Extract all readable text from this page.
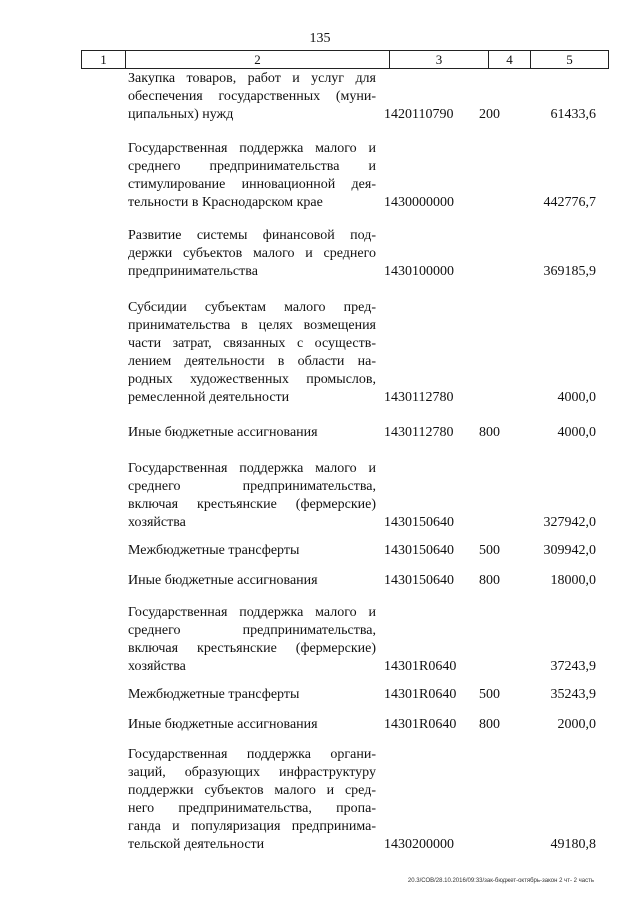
135
1	2	3	4	5
Закупка товаров, работ и услуг для
обеспечения государственных (муни-
ципальных) нужд	1420110790 200	61433,6
Государственная поддержка малого и
среднего предпринимательства и
стимулирование инновационной дея-
тельности в Краснодарском крае	1430000000	442776,7
Развитие системы финансовой под-
держки субъектов малого и среднего
предпринимательства	1430100000	369185,9
Субсидии субъектам малого пред-
принимательства в целях возмещения
части затрат, связанных с осуществ-
лением деятельности в области на-
родных художественных промыслов,
ремесленной деятельности	1430112780	4000,0
Иные бюджетные ассигнования	1430112780 800	4000,0
Государственная поддержка малого и
среднего предпринимательства,
включая крестьянские (фермерские)
хозяйства	1430150640	327942,0
Межбюджетные трансферты	1430150640 500	309942,0
Иные бюджетные ассигнования	1430150640 800	18000,0
Государственная поддержка малого и
среднего предпринимательства,
включая крестьянские (фермерские)
хозяйства	14301R0640	37243,9
Межбюджетные трансферты	14301R0640 500	35243,9
Иные бюджетные ассигнования	14301R0640 800	2000,0
Государственная поддержка органи-
заций, образующих инфраструктуру
поддержки субъектов малого и сред-
него предпринимательства, пропа-
ганда и популяризация предпринима-
тельской деятельности	1430200000	49180,8
20.3/СОВ/28.10.2016/09:33/зак-бюджет-октябрь-закон 2 чт- 2 часть
